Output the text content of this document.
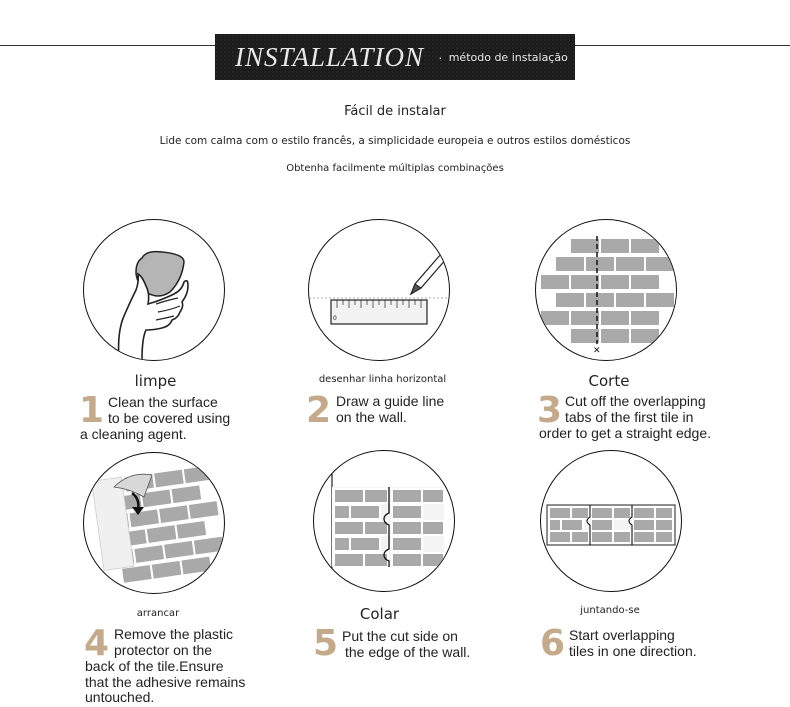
INSTALLATION · método de instalação
Fácil de instalar
Lide com calma com o estilo francês, a simplicidade europeia e outros estilos domésticos
Obtenha facilmente múltiplas combinações
limpe
1 Clean the surface

to be covered using

a cleaning agent.

0
desenhar linha horizontal
2 Draw a guide line

on the wall.

✕
Corte
3 Cut off the overlapping

tabs of the first tile in

order to get a straight edge.

arrancar
4 Remove the plastic

protector on the

back of the tile.Ensure

that the adhesive remains

untouched.

Colar
5 Put the cut side on

the edge of the wall.

juntando-se
6 Start overlapping

tiles in one direction.
